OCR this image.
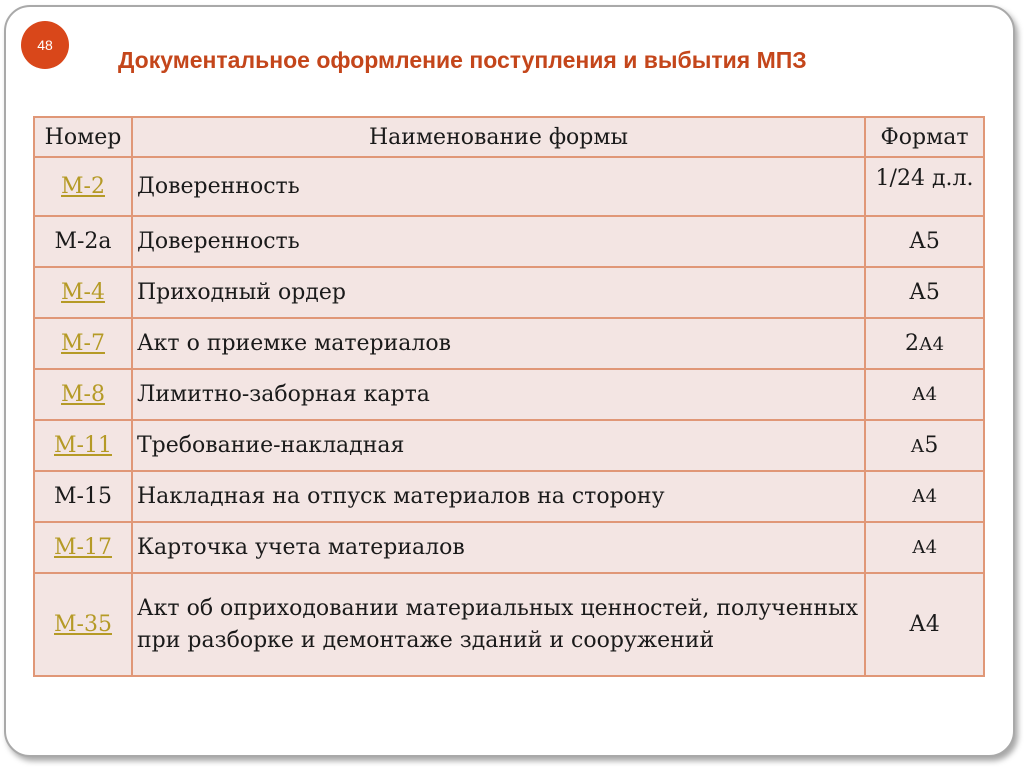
48
Документальное оформление поступления и выбытия МПЗ
Номер	Наименование формы	Формат
М-2	Доверенность	1/24 д.л.
М-2а	Доверенность	А5
М-4	Приходный ордер	А5
М-7	Акт о приемке материалов	2А4
М-8	Лимитно-заборная карта	А4
М-11	Требование-накладная	А5
М-15	Накладная на отпуск материалов на сторону	А4
М-17	Карточка учета материалов	А4
М-35	Акт об оприходовании материальных ценностей, полученных при разборке и демонтаже зданий и сооружений	А4
